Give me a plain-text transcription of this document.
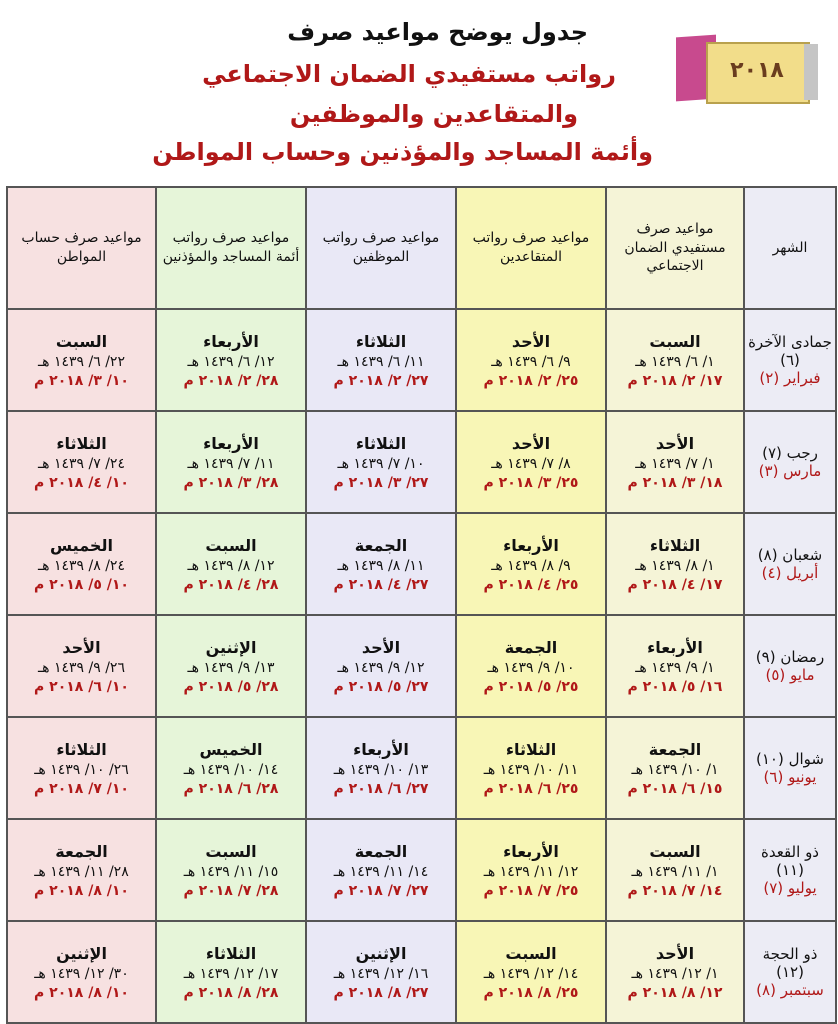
جدول يوضح مواعيد صرف
رواتب مستفيدي الضمان الاجتماعي
والمتقاعدين والموظفين
وأئمة المساجد والمؤذنين وحساب المواطن
٢٠١٨
الشهر	مواعيد صرف مستفيدي الضمان الاجتماعي	مواعيد صرف رواتب المتقاعدين	مواعيد صرف رواتب الموظفين	مواعيد صرف رواتب أئمة المساجد والمؤذنين	مواعيد صرف حساب المواطن

جمادى الآخرة (٦)
فبراير (٢)	السبت
١/ ٦/ ١٤٣٩ هـ
١٧/ ٢/ ٢٠١٨ م	الأحد
٩/ ٦/ ١٤٣٩ هـ
٢٥/ ٢/ ٢٠١٨ م	الثلاثاء
١١/ ٦/ ١٤٣٩ هـ
٢٧/ ٢/ ٢٠١٨ م	الأربعاء
١٢/ ٦/ ١٤٣٩ هـ
٢٨/ ٢/ ٢٠١٨ م	السبت
٢٢/ ٦/ ١٤٣٩ هـ
١٠/ ٣/ ٢٠١٨ م

رجب (٧)
مارس (٣)	الأحد
١/ ٧/ ١٤٣٩ هـ
١٨/ ٣/ ٢٠١٨ م	الأحد
٨/ ٧/ ١٤٣٩ هـ
٢٥/ ٣/ ٢٠١٨ م	الثلاثاء
١٠/ ٧/ ١٤٣٩ هـ
٢٧/ ٣/ ٢٠١٨ م	الأربعاء
١١/ ٧/ ١٤٣٩ هـ
٢٨/ ٣/ ٢٠١٨ م	الثلاثاء
٢٤/ ٧/ ١٤٣٩ هـ
١٠/ ٤/ ٢٠١٨ م

شعبان (٨)
أبريل (٤)	الثلاثاء
١/ ٨/ ١٤٣٩ هـ
١٧/ ٤/ ٢٠١٨ م	الأربعاء
٩/ ٨/ ١٤٣٩ هـ
٢٥/ ٤/ ٢٠١٨ م	الجمعة
١١/ ٨/ ١٤٣٩ هـ
٢٧/ ٤/ ٢٠١٨ م	السبت
١٢/ ٨/ ١٤٣٩ هـ
٢٨/ ٤/ ٢٠١٨ م	الخميس
٢٤/ ٨/ ١٤٣٩ هـ
١٠/ ٥/ ٢٠١٨ م

رمضان (٩)
مايو (٥)	الأربعاء
١/ ٩/ ١٤٣٩ هـ
١٦/ ٥/ ٢٠١٨ م	الجمعة
١٠/ ٩/ ١٤٣٩ هـ
٢٥/ ٥/ ٢٠١٨ م	الأحد
١٢/ ٩/ ١٤٣٩ هـ
٢٧/ ٥/ ٢٠١٨ م	الإثنين
١٣/ ٩/ ١٤٣٩ هـ
٢٨/ ٥/ ٢٠١٨ م	الأحد
٢٦/ ٩/ ١٤٣٩ هـ
١٠/ ٦/ ٢٠١٨ م

شوال (١٠)
يونيو (٦)	الجمعة
١/ ١٠/ ١٤٣٩ هـ
١٥/ ٦/ ٢٠١٨ م	الثلاثاء
١١/ ١٠/ ١٤٣٩ هـ
٢٥/ ٦/ ٢٠١٨ م	الأربعاء
١٣/ ١٠/ ١٤٣٩ هـ
٢٧/ ٦/ ٢٠١٨ م	الخميس
١٤/ ١٠/ ١٤٣٩ هـ
٢٨/ ٦/ ٢٠١٨ م	الثلاثاء
٢٦/ ١٠/ ١٤٣٩ هـ
١٠/ ٧/ ٢٠١٨ م

ذو القعدة (١١)
يوليو (٧)	السبت
١/ ١١/ ١٤٣٩ هـ
١٤/ ٧/ ٢٠١٨ م	الأربعاء
١٢/ ١١/ ١٤٣٩ هـ
٢٥/ ٧/ ٢٠١٨ م	الجمعة
١٤/ ١١/ ١٤٣٩ هـ
٢٧/ ٧/ ٢٠١٨ م	السبت
١٥/ ١١/ ١٤٣٩ هـ
٢٨/ ٧/ ٢٠١٨ م	الجمعة
٢٨/ ١١/ ١٤٣٩ هـ
١٠/ ٨/ ٢٠١٨ م

ذو الحجة (١٢)
سبتمبر (٨)	الأحد
١/ ١٢/ ١٤٣٩ هـ
١٢/ ٨/ ٢٠١٨ م	السبت
١٤/ ١٢/ ١٤٣٩ هـ
٢٥/ ٨/ ٢٠١٨ م	الإثنين
١٦/ ١٢/ ١٤٣٩ هـ
٢٧/ ٨/ ٢٠١٨ م	الثلاثاء
١٧/ ١٢/ ١٤٣٩ هـ
٢٨/ ٨/ ٢٠١٨ م	الإثنين
٣٠/ ١٢/ ١٤٣٩ هـ
١٠/ ٨/ ٢٠١٨ م
